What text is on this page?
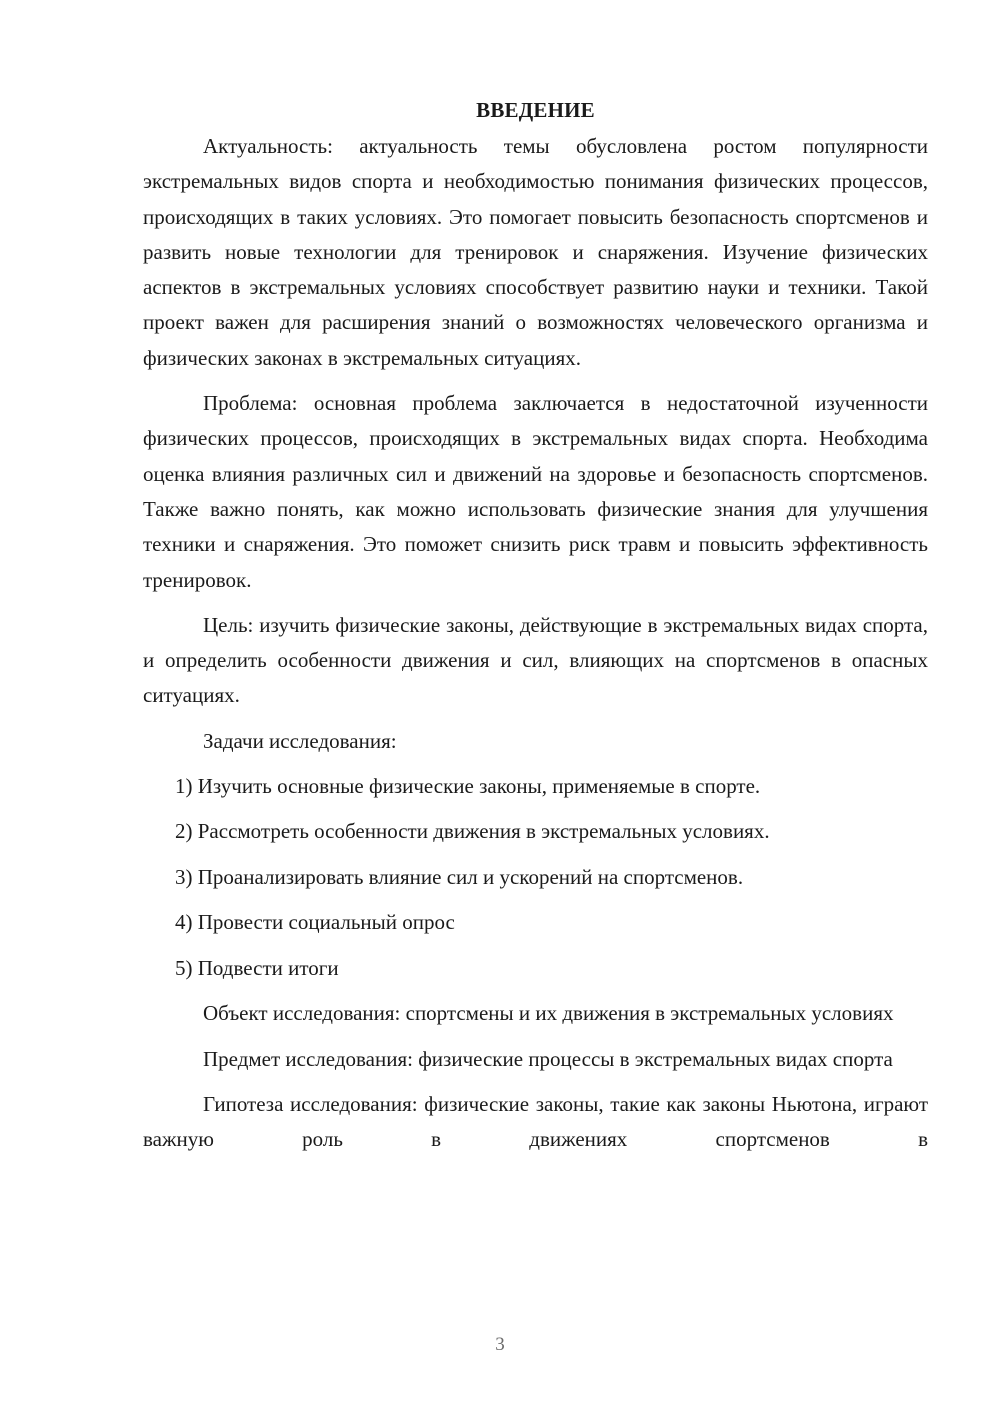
ВВЕДЕНИЕ

Актуальность: актуальность темы обусловлена ростом популярности экстремальных видов спорта и необходимостью понимания физических процессов, происходящих в таких условиях. Это помогает повысить безопасность спортсменов и развить новые технологии для тренировок и снаряжения. Изучение физических аспектов в экстремальных условиях способствует развитию науки и техники. Такой проект важен для расширения знаний о возможностях человеческого организма и физических законах в экстремальных ситуациях.

Проблема: основная проблема заключается в недостаточной изученности физических процессов, происходящих в экстремальных видах спорта. Необходима оценка влияния различных сил и движений на здоровье и безопасность спортсменов. Также важно понять, как можно использовать физические знания для улучшения техники и снаряжения. Это поможет снизить риск травм и повысить эффективность тренировок.

Цель: изучить физические законы, действующие в экстремальных видах спорта, и определить особенности движения и сил, влияющих на спортсменов в опасных ситуациях.

Задачи исследования:

1) Изучить основные физические законы, применяемые в спорте.
2) Рассмотреть особенности движения в экстремальных условиях.
3) Проанализировать влияние сил и ускорений на спортсменов.
4) Провести социальный опрос
5) Подвести итоги

Объект исследования: спортсмены и их движения в экстремальных условиях

Предмет исследования: физические процессы в экстремальных видах спорта

Гипотеза исследования: физические законы, такие как законы Ньютона, играют важную роль в движениях спортсменов в

3
